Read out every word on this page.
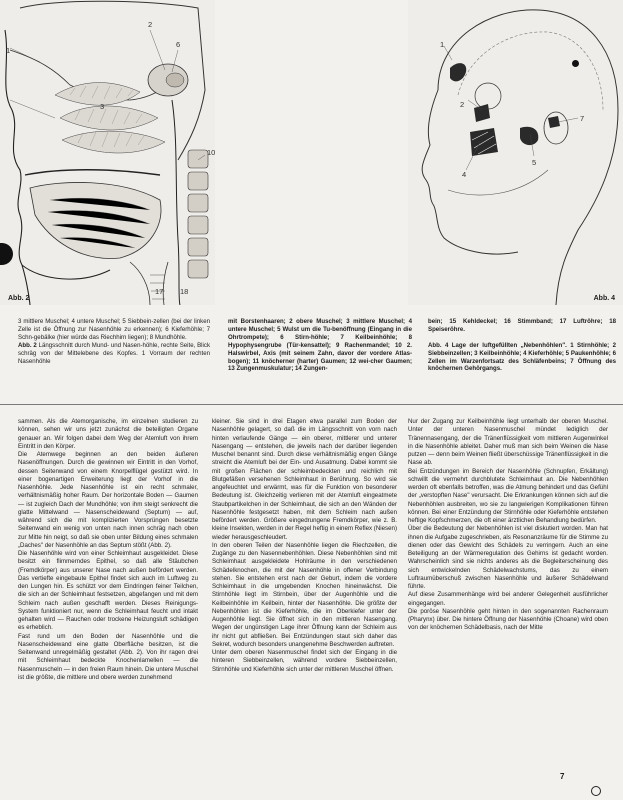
1
3
2
6
10
17 18
Abb. 2
1
2
4
5
7
Abb. 4
3 mittlere Muschel; 4 untere Muschel; 5 Siebbein-zellen (bei der linken Zelle ist die Öffnung zur Nasenhöhle zu erkennen); 6 Kieferhöhle; 7 Schn-gebälke (hier würde das Riechhirn liegen); 8 Mundhöhle.
Abb. 2 Längsschnitt durch Mund- und Nasen-höhle, rechte Seite, Blick schräg von der Mittelebene des Kopfes. 1 Vorraum der rechten Nasenhöhle
mit Borstenhaaren; 2 obere Muschel; 3 mittlere Muschel; 4 untere Muschel; 5 Wulst um die Tu-benöffnung (Eingang in die Ohrtrompete); 6 Stirn-höhle; 7 Keilbeinhöhle; 8 Hypophysengrube (Tür-kensattel); 9 Rachenmandel; 10 2. Halswirbel, Axis (mit seinem Zahn, davor der vordere Atlas-bogen); 11 knöcherner (harter) Gaumen; 12 wei-cher Gaumen; 13 Zungenmuskulatur; 14 Zungen-
bein; 15 Kehldeckel; 16 Stimmband; 17 Luftröhre; 18 Speiseröhre.

Abb. 4 Lage der luftgefüllten „Nebenhöhlen". 1 Stirnhöhle; 2 Siebbeinzellen; 3 Keilbeinhöhle; 4 Kieferhöhle; 5 Paukenhöhle; 6 Zellen im Warzenfortsatz des Schläfenbeins; 7 Öffnung des knöchernen Gehörgangs.

sammen. Als die Atemorganische, im einzelnen studieren zu können, sehen wir uns jetzt zunächst die beteiligten Organe genauer an. Wir folgen dabei dem Weg der Atemluft von ihrem Eintritt in den Körper.

Die Atemwege beginnen an den beiden äußeren Nasenöffnungen. Durch die gewinnen wir Eintritt in den Vorhof, dessen Seitenwand von einem Knorpelflügel gestützt wird. In einer bogenartigen Erweiterung liegt der Vorhof in die Nasenhöhle. Jede Nasenhöhle ist ein recht schmaler, verhältnismäßig hoher Raum. Der horizontale Boden — Gaumen — ist zugleich Dach der Mundhöhle; von ihm steigt senkrecht die glatte Mittelwand — Nasenscheidewand (Septum) — auf, während sich die mit komplizierten Vorsprüngen besetzte Seitenwand ein wenig von unten nach innen schräg nach oben zur Mitte hin neigt, so daß sie oben unter Bildung eines schmalen „Daches" der Nasenhöhle an das Septum stößt (Abb. 2).

Die Nasenhöhle wird von einer Schleimhaut ausgekleidet. Diese besitzt ein flimmerndes Epithel, so daß alle Stäubchen (Fremdkörper) aus unserer Nase nach außen befördert werden. Das vertiefte eingebaute Epithel findet sich auch im Luftweg zu den Lungen hin. Es schützt vor dem Eindringen feiner Teilchen, die sich an der Schleimhaut festsetzen, abgefangen und mit dem Schleim nach außen geschafft werden. Dieses Reinigungs-System funktioniert nur, wenn die Schleimhaut feucht und intakt gehalten wird — Rauchen oder trockene Heizungsluft schädigen es erheblich.

Fast rund um den Boden der Nasenhöhle und die Nasenscheidewand eine glatte Oberfläche besitzen, ist die Seitenwand unregelmäßig gestaltet (Abb. 2). Von ihr ragen drei mit Schleimhaut bedeckte Knochenlamellen — die Nasenmuscheln — in den freien Raum hinein. Die untere Muschel ist die größte, die mittlere und obere werden zunehmend

kleiner. Sie sind in drei Etagen etwa parallel zum Boden der Nasenhöhle gelagert, so daß die im Längsschnitt von vorn nach hinten verlaufende Gänge — ein oberer, mittlerer und unterer Nasengang — entstehen, die jeweils nach der darüber liegenden Muschel benannt sind. Durch diese verhältnismäßig engen Gänge streicht die Atemluft bei der Ein- und Ausatmung. Dabei kommt sie mit großen Flächen der schleimbedeckten und reichlich mit Blutgefäßen versehenen Schleimhaut in Berührung. So wird sie angefeuchtet und erwärmt, was für die Funktion von besonderer Bedeutung ist. Gleichzeitig verlieren mit der Atemluft eingeatmete Staubpartikelchen in der Schleimhaut, die sich an den Wänden der Nasenhöhle festgesetzt haben, mit dem Schleim nach außen befördert werden. Größere eingedrungene Fremdkörper, wie z. B. kleine Insekten, werden in der Regel heftig in einem Reflex (Niesen) wieder herausgeschleudert.

In den oberen Teilen der Nasenhöhle liegen die Riechzellen, die Zugänge zu den Nasennebenhöhlen. Diese Nebenhöhlen sind mit Schleimhaut ausgekleidete Hohlräume in den verschiedenen Schädelknochen, die mit der Nasenhöhle in offener Verbindung stehen. Sie entstehen erst nach der Geburt, indem die vordere Schleimhaut in die umgebenden Knochen hineinwächst. Die Stirnhöhle liegt im Stirnbein, über der Augenhöhle und die Keilbeinhöhle im Keilbein, hinter der Nasenhöhle. Die größte der Nebenhöhlen ist die Kieferhöhle, die im Oberkiefer unter der Augenhöhle liegt. Sie öffnet sich in den mittleren Nasengang. Wegen der ungünstigen Lage ihrer Öffnung kann der Schleim aus ihr nicht gut abfließen. Bei Entzündungen staut sich daher das Sekret, wodurch besonders unangenehme Beschwerden auftreten.

Unter dem oberen Nasenmuschel findet sich der Eingang in die hinteren Siebbeinzellen, während vordere Siebbeinzellen, Stirnhöhle und Kieferhöhle sich unter der mittleren Muschel öffnen.

Nur der Zugang zur Keilbeinhöhle liegt unterhalb der oberen Muschel. Unter der unteren Nasenmuschel mündet lediglich der Tränennasengang, der die Tränenflüssigkeit vom mittleren Augenwinkel in die Nasenhöhle ableitet. Daher muß man sich beim Weinen die Nase putzen — denn beim Weinen fließt überschüssige Tränenflüssigkeit in die Nase ab.

Bei Entzündungen im Bereich der Nasenhöhle (Schnupfen, Erkältung) schwillt die vermehrt durchblutete Schleimhaut an. Die Nebenhöhlen werden oft ebenfalls betroffen, was die Atmung behindert und das Gefühl der „verstopften Nase" verursacht. Die Erkrankungen können sich auf die Nebenhöhlen ausbreiten, wo sie zu langwierigen Komplikationen führen können. Bei einer Entzündung der Stirnhöhle oder Kieferhöhle entstehen heftige Kopfschmerzen, die oft einer ärztlichen Behandlung bedürfen.

Über die Bedeutung der Nebenhöhlen ist viel diskutiert worden. Man hat ihnen die Aufgabe zugeschrieben, als Resonanzräume für die Stimme zu dienen oder das Gewicht des Schädels zu verringern. Auch an eine Beteiligung an der Wärmeregulation des Gehirns ist gedacht worden. Wahrscheinlich sind sie nichts anderes als die Begleiterscheinung des sich entwickelnden Schädelwachstums, das zu einem Luftraumüberschuß zwischen Nasenhöhle und äußerer Schädelwand führte.

Auf diese Zusammenhänge wird bei anderer Gelegenheit ausführlicher eingegangen.

Die poröse Nasenhöhle geht hinten in den sogenannten Rachenraum (Pharynx) über. Die hintere Öffnung der Nasenhöhle (Choane) wird oben von der knöchernen Schädelbasis, nach der Mitte

7
